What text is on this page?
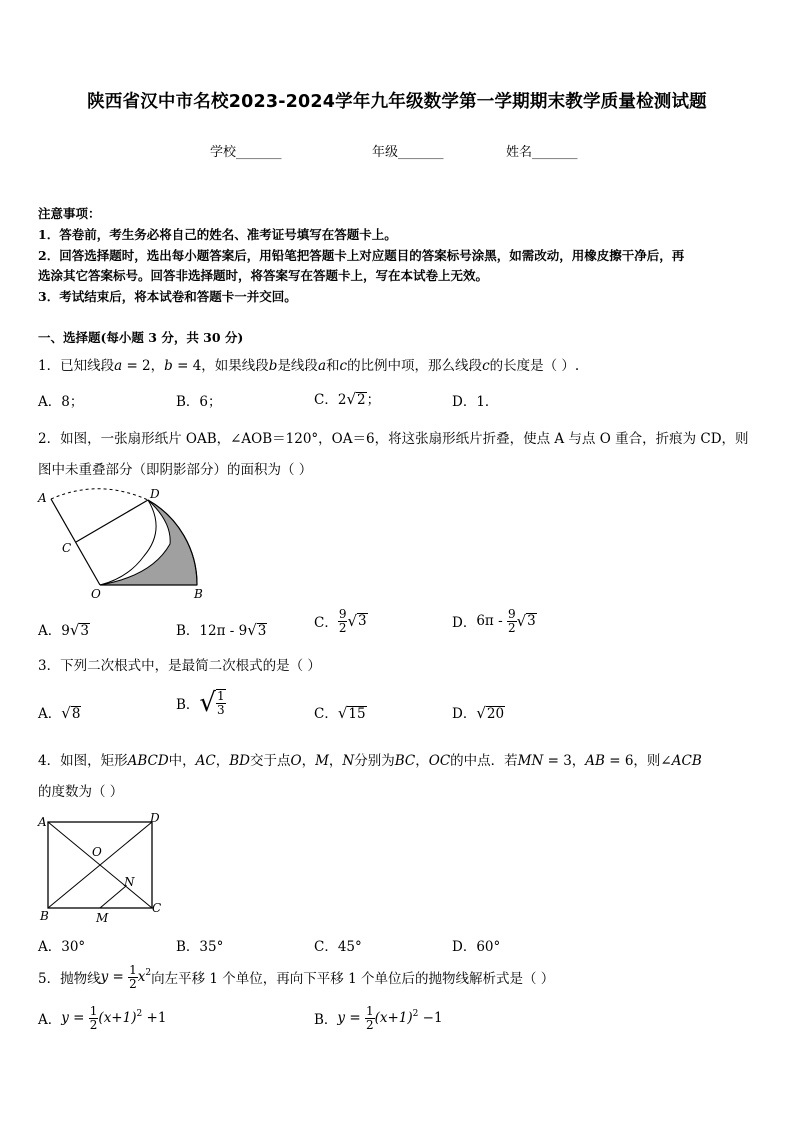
陕西省汉中市名校2023-2024学年九年级数学第一学期期末教学质量检测试题
学校_______	年级_______	姓名_______
注意事项：
1．答卷前，考生务必将自己的姓名、准考证号填写在答题卡上。
2．回答选择题时，选出每小题答案后，用铅笔把答题卡上对应题目的答案标号涂黑，如需改动，用橡皮擦干净后，再
选涂其它答案标号。回答非选择题时，将答案写在答题卡上，写在本试卷上无效。
3．考试结束后，将本试卷和答题卡一并交回。
一、选择题(每小题 3 分，共 30 分)
1．已知线段a = 2，b = 4，如果线段b是线段a和c的比例中项，那么线段c的长度是（ ）.
A．8；	B．6；	C．2√2；	D．1．
2．如图，一张扇形纸片 OAB，∠AOB＝120°，OA＝6，将这张扇形纸片折叠，使点 A 与点 O 重合，折痕为 CD，则
图中未重叠部分（即阴影部分）的面积为（ ）
A	D
C
O	B
A．9√3	B．12π - 9√3	C． $\frac{9}{2} √3$	D．$6\pi - \frac{9}{2} √3$
3．下列二次根式中，是最简二次根式的是（ ）
A．√8
B．√ $\frac{1}{3}$	C．√15	D．√20
4．如图，矩形ABCD中，AC，BD交于点O，M，N分别为BC，OC的中点．若MN = 3，AB = 6，则∠ACB
的度数为（ ）
A	D
O
N
B	M
C
A．30°	B．35°	C．45°	D．60°
5．抛物线$y = \frac{1}{2} x^2$向左平移 1 个单位，再向下平移 1 个单位后的抛物线解析式是（ ）
A．$y = \frac{1}{2} (x+1)^2 +1$	B．$y = \frac{1}{2} (x+1)^2 -1$
